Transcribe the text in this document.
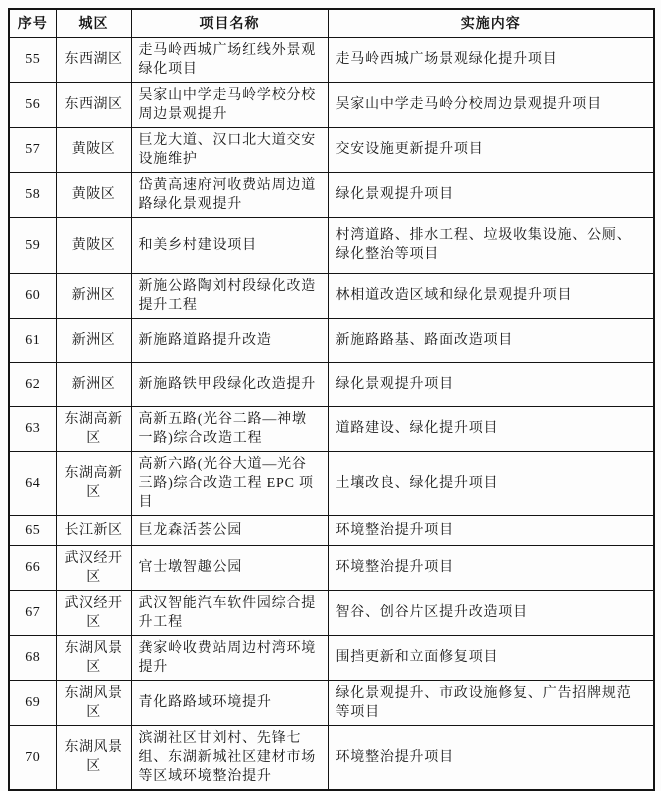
序号	城区	项目名称	实施内容
55	东西湖区	走马岭西城广场红线外景观绿化项目	走马岭西城广场景观绿化提升项目
56	东西湖区	吴家山中学走马岭学校分校周边景观提升	吴家山中学走马岭分校周边景观提升项目
57	黄陂区	巨龙大道、汉口北大道交安设施维护	交安设施更新提升项目
58	黄陂区	岱黄高速府河收费站周边道路绿化景观提升	绿化景观提升项目
59	黄陂区	和美乡村建设项目	村湾道路、排水工程、垃圾收集设施、公厕、绿化整治等项目
60	新洲区	新施公路陶刘村段绿化改造提升工程	林相道改造区域和绿化景观提升项目
61	新洲区	新施路道路提升改造	新施路路基、路面改造项目
62	新洲区	新施路铁甲段绿化改造提升	绿化景观提升项目
63	东湖高新区	高新五路(光谷二路—神墩一路)综合改造工程	道路建设、绿化提升项目
64	东湖高新区	高新六路(光谷大道—光谷三路)综合改造工程 EPC 项目	土壤改良、绿化提升项目
65	长江新区	巨龙森活荟公园	环境整治提升项目
66	武汉经开区	官士墩智趣公园	环境整治提升项目
67	武汉经开区	武汉智能汽车软件园综合提升工程	智谷、创谷片区提升改造项目
68	东湖风景区	龚家岭收费站周边村湾环境提升	围挡更新和立面修复项目
69	东湖风景区	青化路路域环境提升	绿化景观提升、市政设施修复、广告招牌规范等项目
70	东湖风景区	滨湖社区甘刘村、先锋七组、东湖新城社区建材市场等区域环境整治提升	环境整治提升项目
